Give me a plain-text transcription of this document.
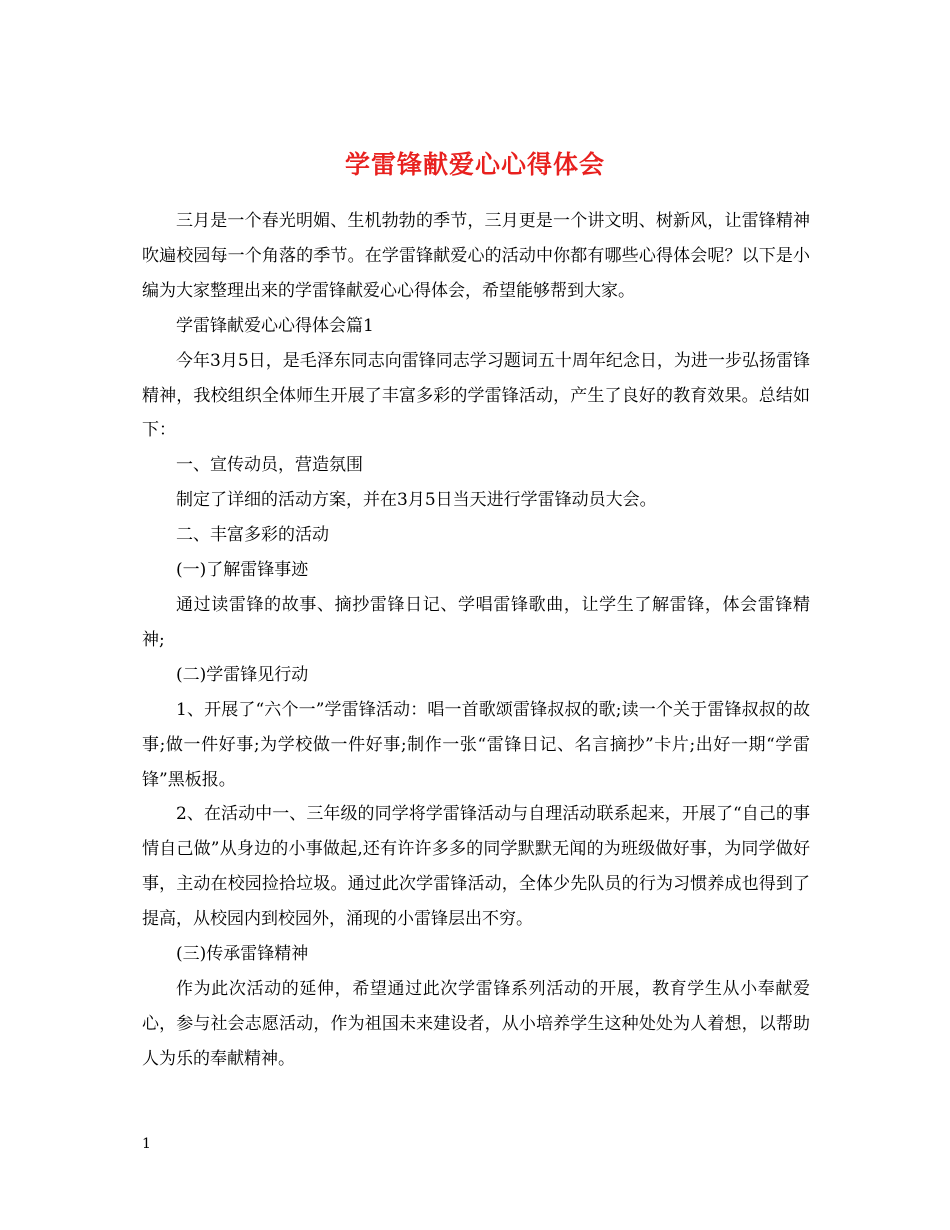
学雷锋献爱心心得体会

三月是一个春光明媚、生机勃勃的季节，三月更是一个讲文明、树新风，让雷锋精神吹遍校园每一个角落的季节。在学雷锋献爱心的活动中你都有哪些心得体会呢？以下是小编为大家整理出来的学雷锋献爱心心得体会，希望能够帮到大家。

学雷锋献爱心心得体会篇1

今年3月5日，是毛泽东同志向雷锋同志学习题词五十周年纪念日，为进一步弘扬雷锋精神，我校组织全体师生开展了丰富多彩的学雷锋活动，产生了良好的教育效果。总结如下：

一、宣传动员，营造氛围

制定了详细的活动方案，并在3月5日当天进行学雷锋动员大会。

二、丰富多彩的活动

(一)了解雷锋事迹

通过读雷锋的故事、摘抄雷锋日记、学唱雷锋歌曲，让学生了解雷锋，体会雷锋精神;

(二)学雷锋见行动

1、开展了“六个一”学雷锋活动：唱一首歌颂雷锋叔叔的歌;读一个关于雷锋叔叔的故事;做一件好事;为学校做一件好事;制作一张“雷锋日记、名言摘抄”卡片;出好一期“学雷锋”黑板报。

2、在活动中一、三年级的同学将学雷锋活动与自理活动联系起来，开展了“自己的事情自己做”从身边的小事做起,还有许许多多的同学默默无闻的为班级做好事，为同学做好事，主动在校园捡拾垃圾。通过此次学雷锋活动，全体少先队员的行为习惯养成也得到了提高，从校园内到校园外，涌现的小雷锋层出不穷。

(三)传承雷锋精神

作为此次活动的延伸，希望通过此次学雷锋系列活动的开展，教育学生从小奉献爱心，参与社会志愿活动，作为祖国未来建设者，从小培养学生这种处处为人着想，以帮助人为乐的奉献精神。

1
